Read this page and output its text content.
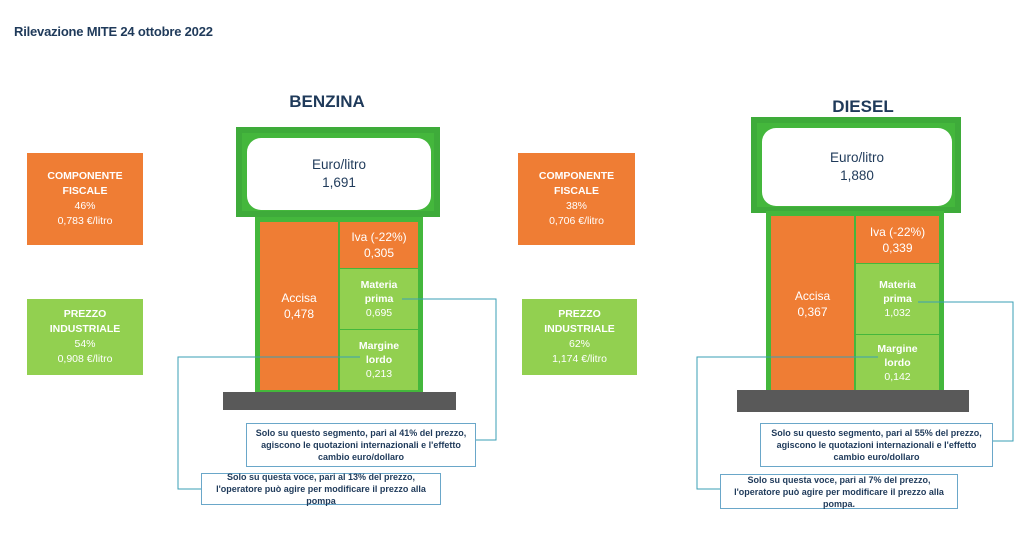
Rilevazione MITE 24 ottobre 2022
BENZINA
COMPONENTE
FISCALE
46%
0,783 €/litro
PREZZO
INDUSTRIALE
54%
0,908 €/litro
Euro/litro
1,691
Accisa
0,478
Iva (-22%)
0,305
Materia
prima
0,695
Margine
lordo
0,213
Solo su questo segmento, pari al 41% del prezzo, agiscono le quotazioni internazionali e l'effetto cambio euro/dollaro
Solo su questa voce, pari al 13% del prezzo, l'operatore può agire per modificare il prezzo alla pompa
DIESEL
COMPONENTE
FISCALE
38%
0,706 €/litro
PREZZO
INDUSTRIALE
62%
1,174 €/litro
Euro/litro
1,880
Accisa
0,367
Iva (-22%)
0,339
Materia
prima
1,032
Margine
lordo
0,142
Solo su questo segmento, pari al 55% del prezzo, agiscono le quotazioni internazionali e l'effetto cambio euro/dollaro
Solo su questa voce, pari al 7% del prezzo, l'operatore può agire per modificare il prezzo alla pompa.
